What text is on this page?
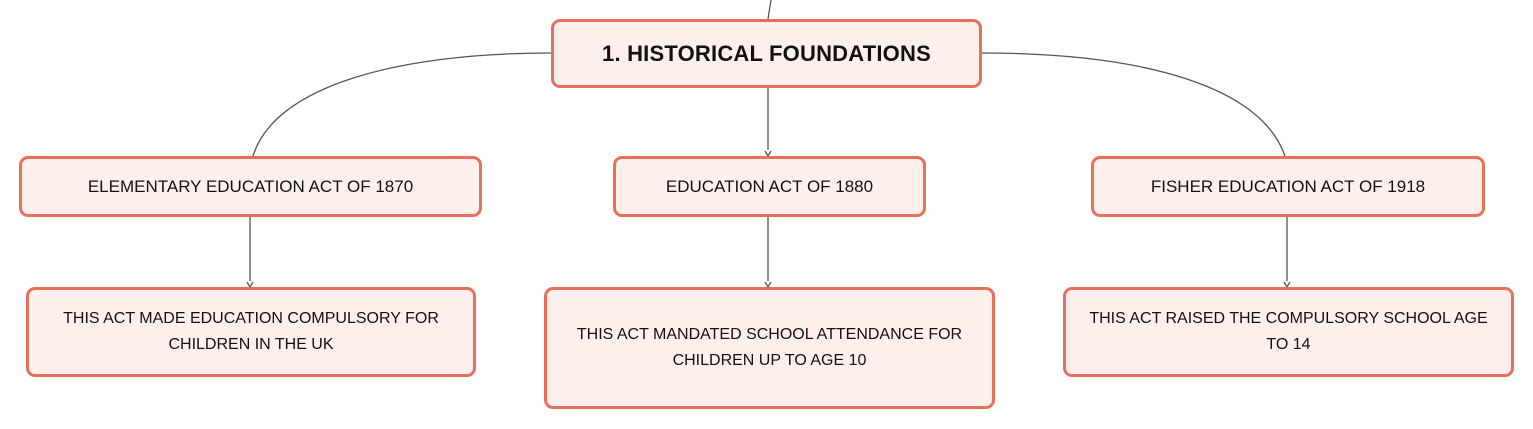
1. HISTORICAL FOUNDATIONS
ELEMENTARY EDUCATION ACT OF 1870	EDUCATION ACT OF 1880	FISHER EDUCATION ACT OF 1918
THIS ACT MADE EDUCATION COMPULSORY FOR CHILDREN IN THE UK
THIS ACT MANDATED SCHOOL ATTENDANCE FOR CHILDREN UP TO AGE 10
THIS ACT RAISED THE COMPULSORY SCHOOL AGE TO 14
